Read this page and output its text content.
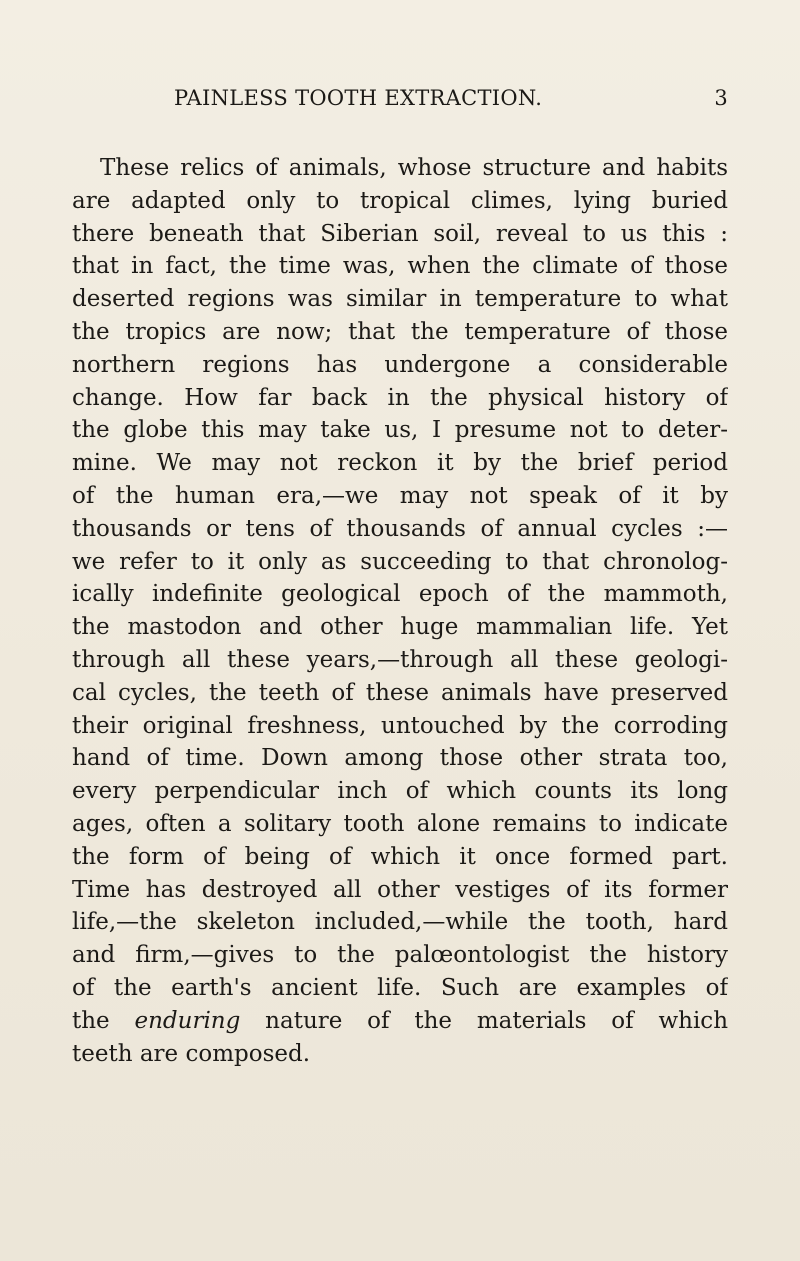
PAINLESS TOOTH EXTRACTION.	3
These relics of animals, whose structure and habits
are adapted only to tropical climes, lying buried
there beneath that Siberian soil, reveal to us this :
that in fact, the time was, when the climate of those
deserted regions was similar in temperature to what
the tropics are now; that the temperature of those
northern regions has undergone a considerable
change. How far back in the physical history of
the globe this may take us, I presume not to deter-
mine. We may not reckon it by the brief period
of the human era,—we may not speak of it by
thousands or tens of thousands of annual cycles :—
we refer to it only as succeeding to that chronolog-
ically indefinite geological epoch of the mammoth,
the mastodon and other huge mammalian life. Yet
through all these years,—through all these geologi-
cal cycles, the teeth of these animals have preserved
their original freshness, untouched by the corroding
hand of time. Down among those other strata too,
every perpendicular inch of which counts its long
ages, often a solitary tooth alone remains to indicate
the form of being of which it once formed part.
Time has destroyed all other vestiges of its former
life,—the skeleton included,—while the tooth, hard
and firm,—gives to the palœontologist the history
of the earth's ancient life. Such are examples of
the enduring nature of the materials of which
teeth are composed.
